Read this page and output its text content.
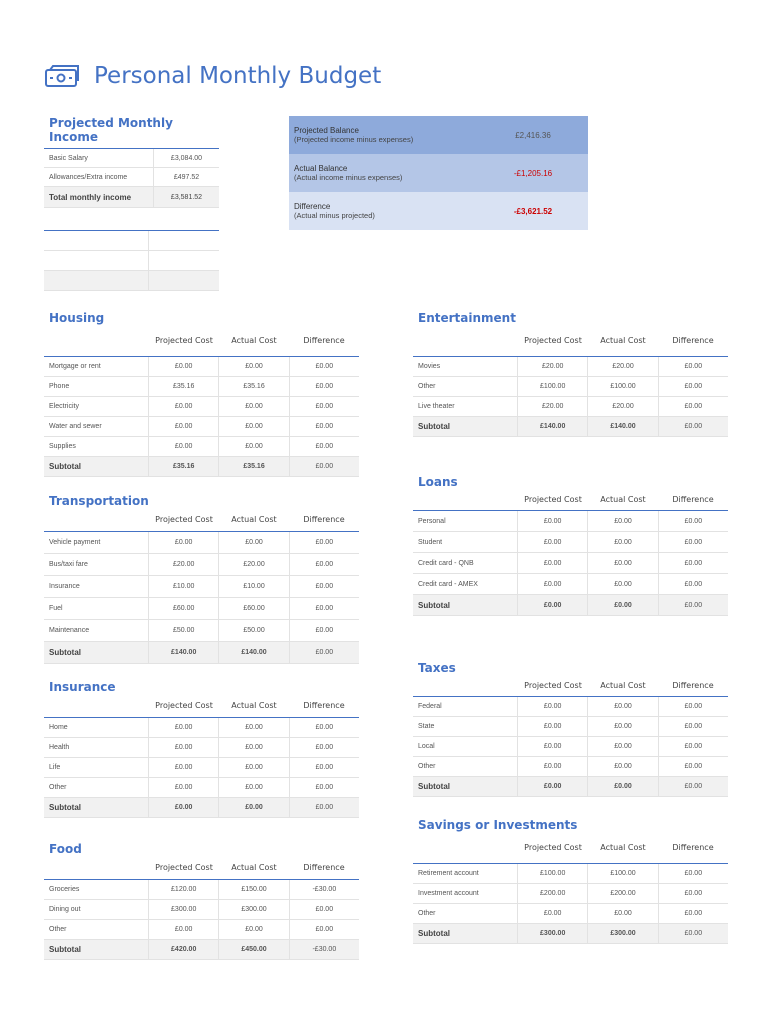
Personal Monthly Budget
Projected Monthly Income
Basic Salary	£3,084.00
Allowances/Extra income	£497.52
Total monthly income	£3,581.52
Projected Balance
(Projected income minus expenses)	£2,416.36
Actual Balance
(Actual income minus expenses)	-£1,205.16
Difference
(Actual minus projected)	-£3,621.52
Housing
Projected Cost	Actual Cost	Difference
Mortgage or rent	£0.00	£0.00	£0.00
Phone	£35.16	£35.16	£0.00
Electricity	£0.00	£0.00	£0.00
Water and sewer	£0.00	£0.00	£0.00
Supplies	£0.00	£0.00	£0.00
Subtotal	£35.16	£35.16	£0.00
Transportation
Projected Cost	Actual Cost	Difference
Vehicle payment	£0.00	£0.00	£0.00
Bus/taxi fare	£20.00	£20.00	£0.00
Insurance	£10.00	£10.00	£0.00
Fuel	£60.00	£60.00	£0.00
Maintenance	£50.00	£50.00	£0.00
Subtotal	£140.00	£140.00	£0.00
Insurance
Projected Cost	Actual Cost	Difference
Home	£0.00	£0.00	£0.00
Health	£0.00	£0.00	£0.00
Life	£0.00	£0.00	£0.00
Other	£0.00	£0.00	£0.00
Subtotal	£0.00	£0.00	£0.00
Food
Projected Cost	Actual Cost	Difference
Groceries	£120.00	£150.00	-£30.00
Dining out	£300.00	£300.00	£0.00
Other	£0.00	£0.00	£0.00
Subtotal	£420.00	£450.00	-£30.00
Entertainment
Projected Cost	Actual Cost	Difference
Movies	£20.00	£20.00	£0.00
Other	£100.00	£100.00	£0.00
Live theater	£20.00	£20.00	£0.00
Subtotal	£140.00	£140.00	£0.00
Loans
Projected Cost	Actual Cost	Difference
Personal	£0.00	£0.00	£0.00
Student	£0.00	£0.00	£0.00
Credit card - QNB	£0.00	£0.00	£0.00
Credit card - AMEX	£0.00	£0.00	£0.00
Subtotal	£0.00	£0.00	£0.00
Taxes
Projected Cost	Actual Cost	Difference
Federal	£0.00	£0.00	£0.00
State	£0.00	£0.00	£0.00
Local	£0.00	£0.00	£0.00
Other	£0.00	£0.00	£0.00
Subtotal	£0.00	£0.00	£0.00
Savings or Investments
Projected Cost	Actual Cost	Difference
Retirement account	£100.00	£100.00	£0.00
Investment account	£200.00	£200.00	£0.00
Other	£0.00	£0.00	£0.00
Subtotal	£300.00	£300.00	£0.00
